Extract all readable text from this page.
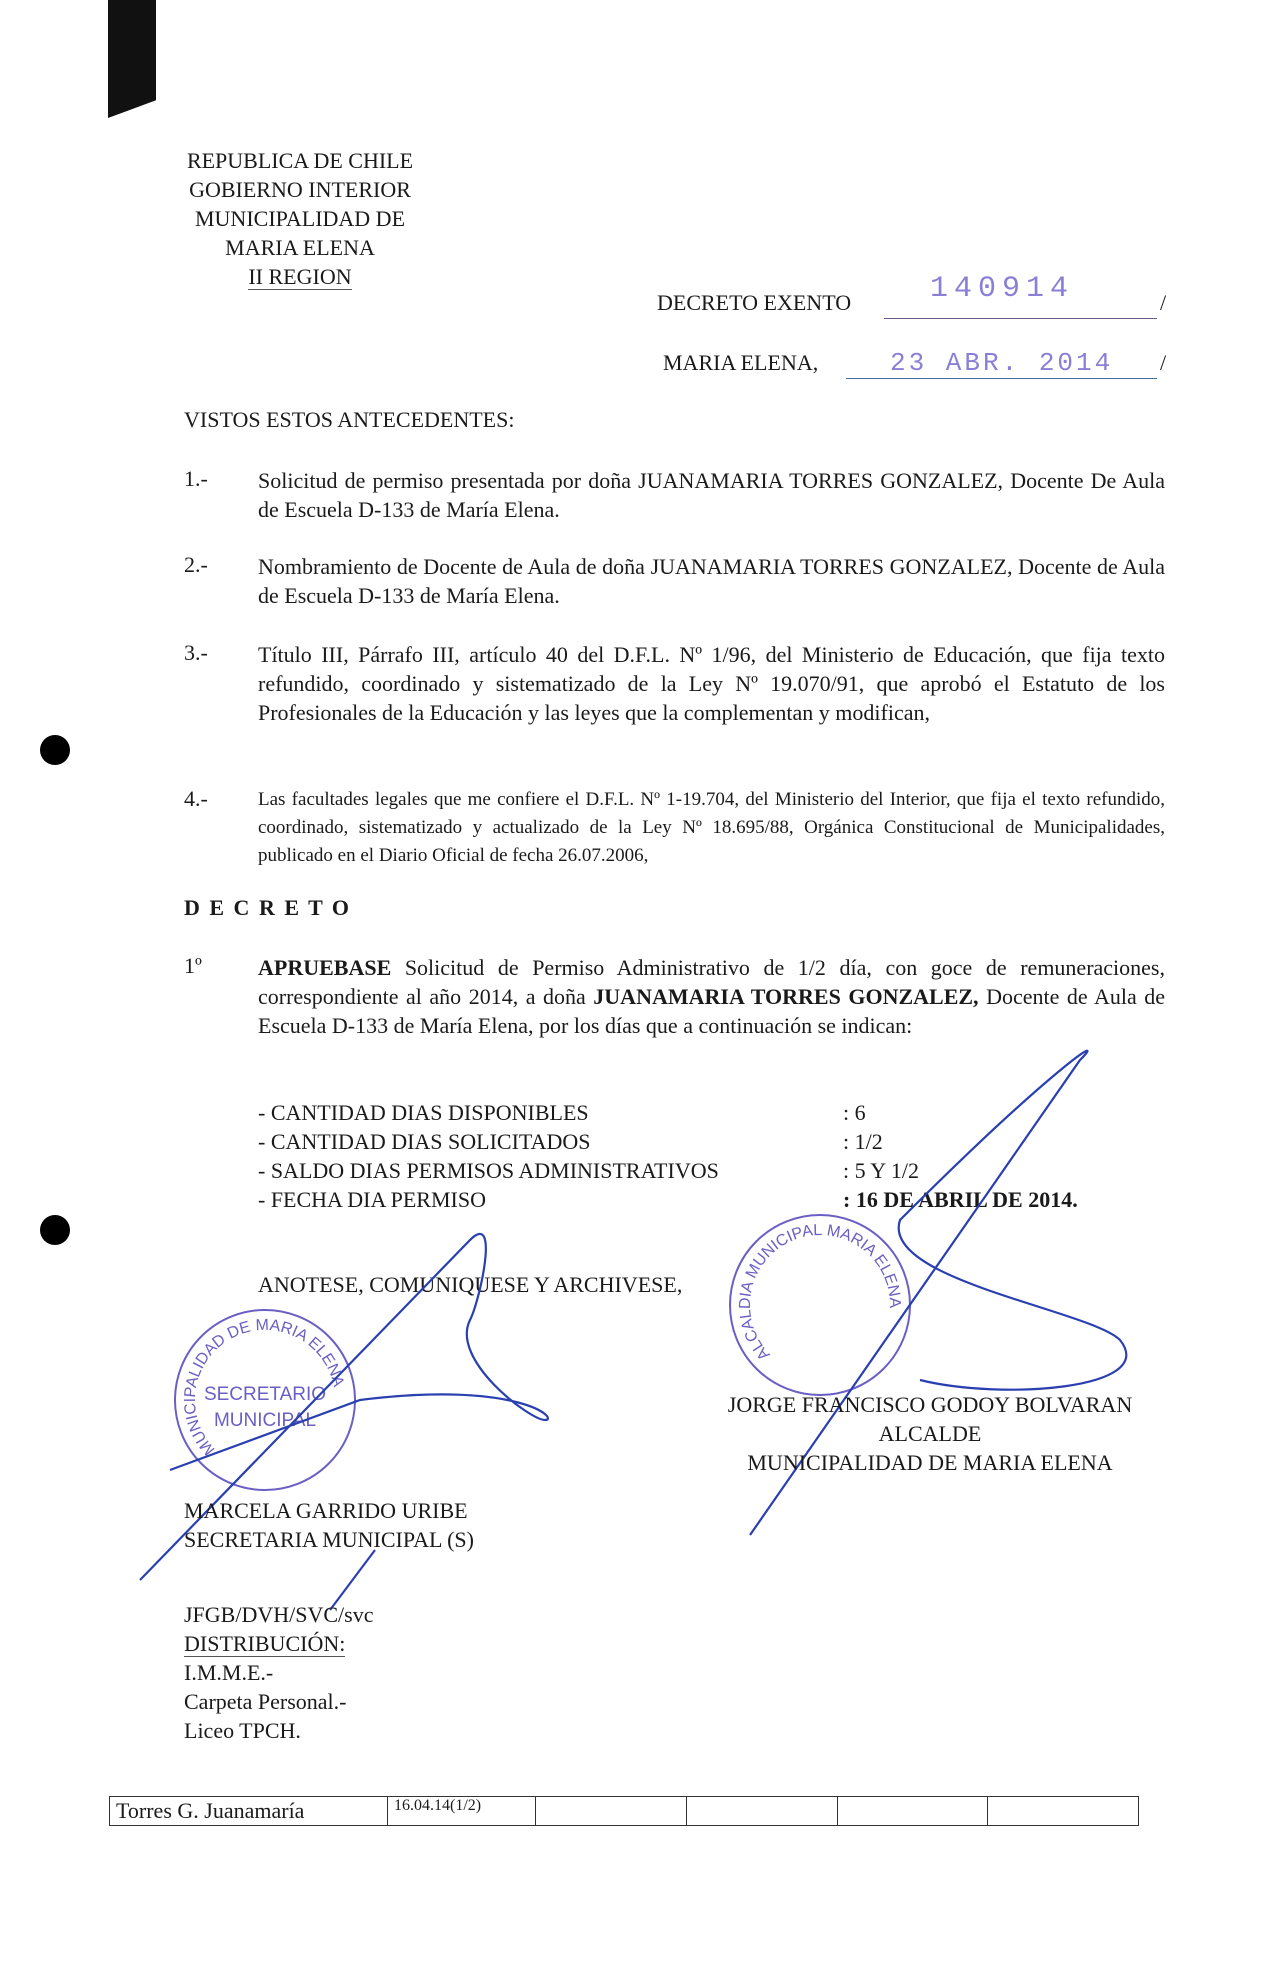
REPUBLICA DE CHILE
GOBIERNO INTERIOR
MUNICIPALIDAD DE
MARIA ELENA
II REGION
DECRETO EXENTO	140914	/
MARIA ELENA,	23 ABR. 2014 /
VISTOS ESTOS ANTECEDENTES:
1.- Solicitud de permiso presentada por doña JUANAMARIA TORRES GONZALEZ, Docente De Aula de Escuela D-133 de María Elena.
2.- Nombramiento de Docente de Aula de doña JUANAMARIA TORRES GONZALEZ, Docente de Aula de Escuela D-133 de María Elena.
3.- Título III, Párrafo III, artículo 40 del D.F.L. Nº 1/96, del Ministerio de Educación, que fija texto refundido, coordinado y sistematizado de la Ley Nº 19.070/91, que aprobó el Estatuto de los Profesionales de la Educación y las leyes que la complementan y modifican,
4.-	Las facultades legales que me confiere el D.F.L. Nº 1-19.704, del Ministerio del Interior, que fija el texto refundido, coordinado, sistematizado y actualizado de la Ley Nº 18.695/88, Orgánica Constitucional de Municipalidades, publicado en el Diario Oficial de fecha 26.07.2006,
D E C R E T O
1º	APRUEBASE Solicitud de Permiso Administrativo de 1/2 día, con goce de remuneraciones, correspondiente al año 2014, a doña JUANAMARIA TORRES GONZALEZ, Docente de Aula de Escuela D-133 de María Elena, por los días que a continuación se indican:
- CANTIDAD DIAS DISPONIBLES	: 6
- CANTIDAD DIAS SOLICITADOS	: 1/2
- SALDO DIAS PERMISOS ADMINISTRATIVOS	: 5 Y 1/2
- FECHA DIA PERMISO	: 16 DE ABRIL DE 2014.
ANOTESE, COMUNIQUESE Y ARCHIVESE,
SECRETARIO
MUNICIPAL
MUNICIPALIDAD DE MARIA ELENA
ALCALDIA MUNICIPAL MARIA ELENA
JORGE FRANCISCO GODOY BOLVARAN
ALCALDE
MUNICIPALIDAD DE MARIA ELENA
MARCELA GARRIDO URIBE
SECRETARIA MUNICIPAL (S)
JFGB/DVH/SVC/svc
DISTRIBUCIÓN:
I.M.M.E.-
Carpeta Personal.-
Liceo TPCH.
Torres G. Juanamaría	16.04.14(1/2)				
